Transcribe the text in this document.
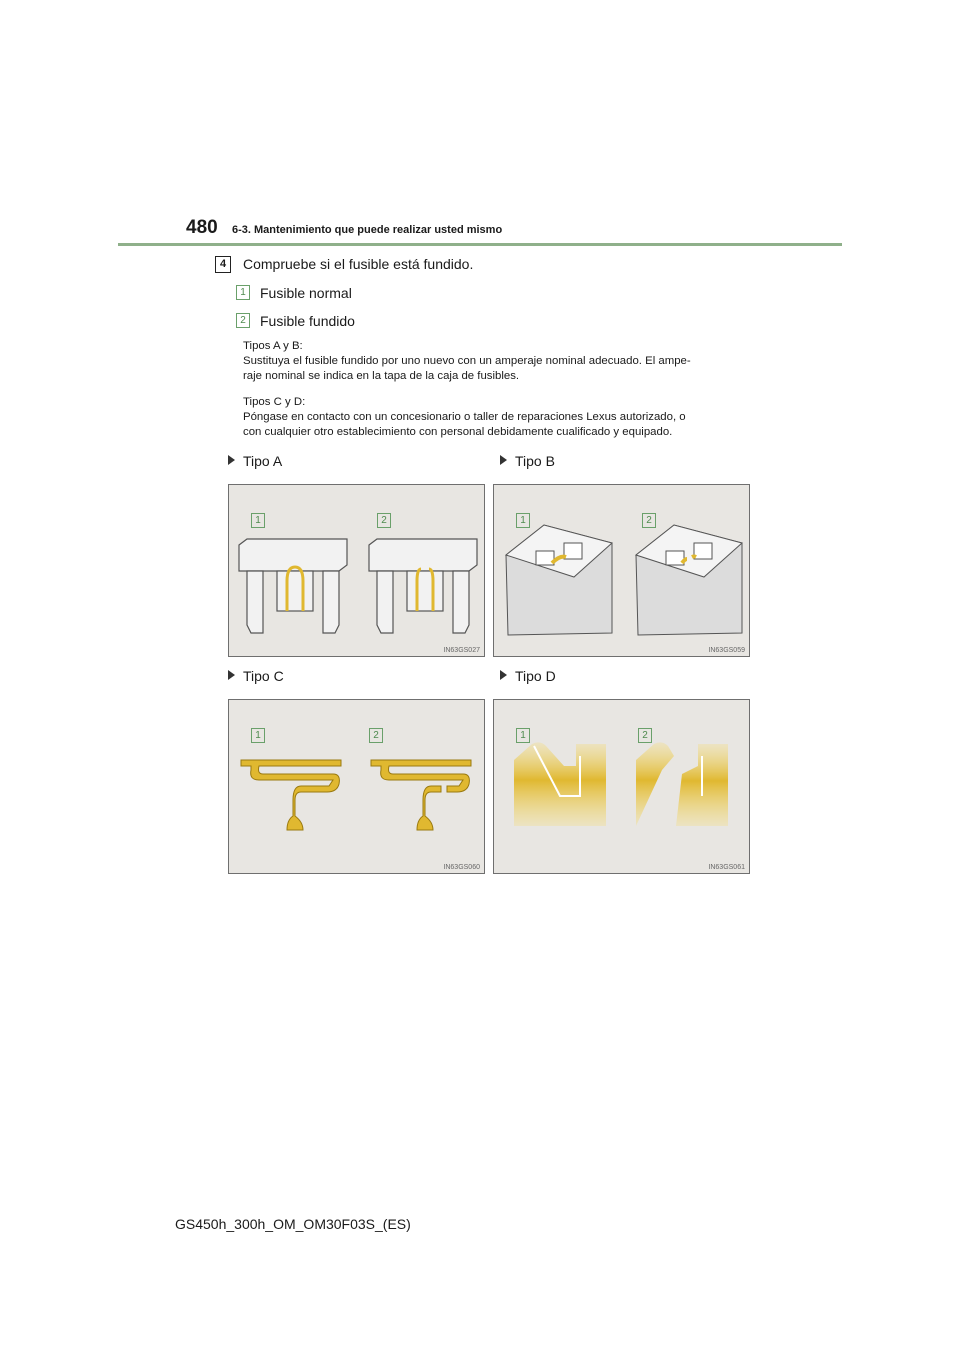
480 6-3. Mantenimiento que puede realizar usted mismo
4	Compruebe si el fusible está fundido.
1	Fusible normal
2	Fusible fundido
Tipos A y B:
Sustituya el fusible fundido por uno nuevo con un amperaje nominal adecuado. El ampe-
raje nominal se indica en la tapa de la caja de fusibles.
Tipos C y D:
Póngase en contacto con un concesionario o taller de reparaciones Lexus autorizado, o
con cualquier otro establecimiento con personal debidamente cualificado y equipado.
Tipo A	Tipo B
Tipo C	Tipo D
1	2
IN63GS027
1	2
IN63GS059
1	2
IN63GS060
1	2
IN63GS061
GS450h_300h_OM_OM30F03S_(ES)
